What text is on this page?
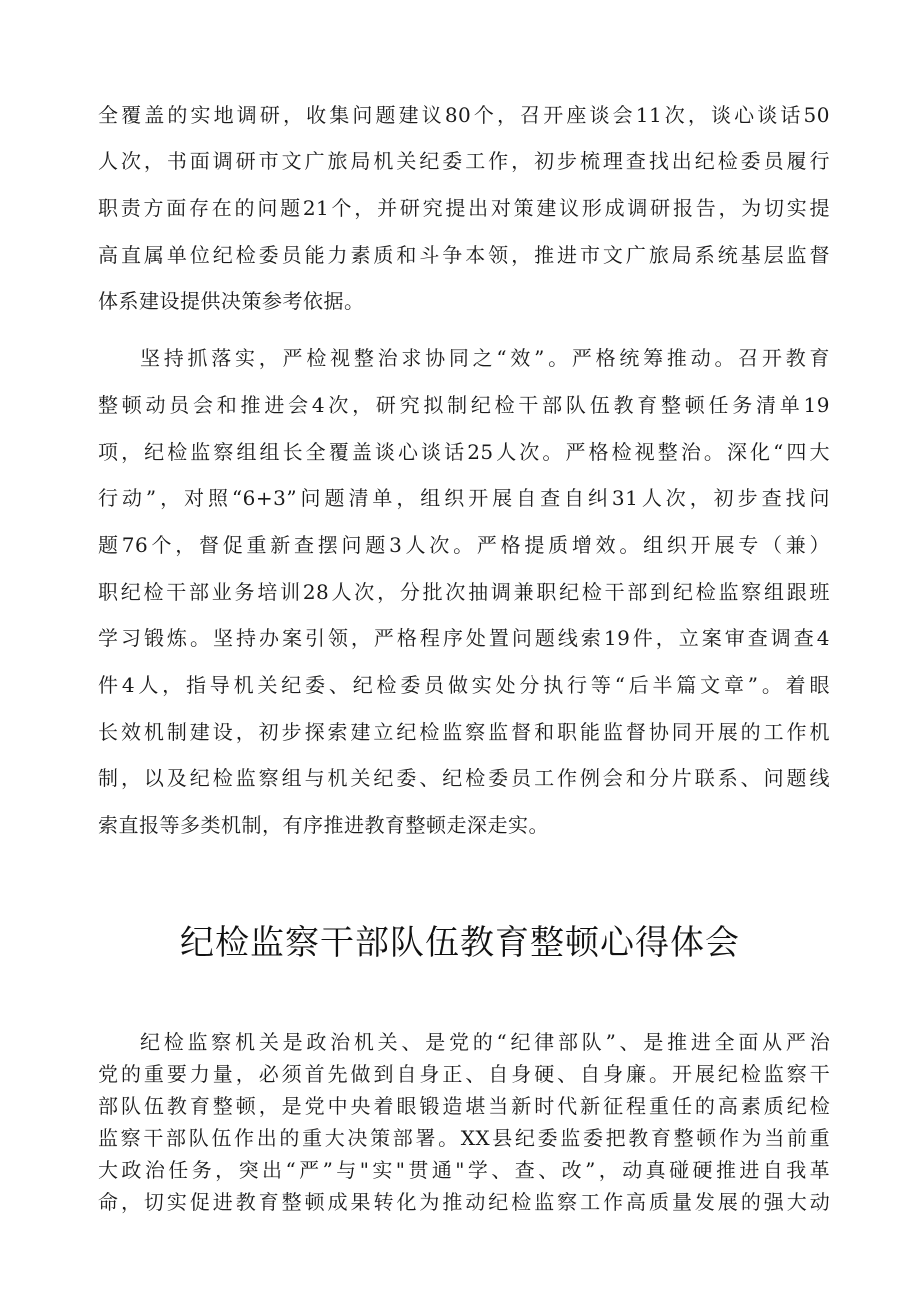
全覆盖的实地调研，收集问题建议80个，召开座谈会11次，谈心谈话50
人次，书面调研市文广旅局机关纪委工作，初步梳理查找出纪检委员履行
职责方面存在的问题21个，并研究提出对策建议形成调研报告，为切实提
高直属单位纪检委员能力素质和斗争本领，推进市文广旅局系统基层监督
体系建设提供决策参考依据。
坚持抓落实，严检视整治求协同之“效”。严格统筹推动。召开教育
整顿动员会和推进会4次，研究拟制纪检干部队伍教育整顿任务清单19
项，纪检监察组组长全覆盖谈心谈话25人次。严格检视整治。深化“四大
行动”，对照“6+3”问题清单，组织开展自查自纠31人次，初步查找问
题76个，督促重新查摆问题3人次。严格提质增效。组织开展专（兼）
职纪检干部业务培训28人次，分批次抽调兼职纪检干部到纪检监察组跟班
学习锻炼。坚持办案引领，严格程序处置问题线索19件，立案审查调查4
件4人，指导机关纪委、纪检委员做实处分执行等“后半篇文章”。着眼
长效机制建设，初步探索建立纪检监察监督和职能监督协同开展的工作机
制，以及纪检监察组与机关纪委、纪检委员工作例会和分片联系、问题线
索直报等多类机制，有序推进教育整顿走深走实。
纪检监察干部队伍教育整顿心得体会
纪检监察机关是政治机关、是党的“纪律部队”、是推进全面从严治
党的重要力量，必须首先做到自身正、自身硬、自身廉。开展纪检监察干
部队伍教育整顿，是党中央着眼锻造堪当新时代新征程重任的高素质纪检
监察干部队伍作出的重大决策部署。XX县纪委监委把教育整顿作为当前重
大政治任务，突出“严”与"实"贯通"学、查、改”，动真碰硬推进自我革
命，切实促进教育整顿成果转化为推动纪检监察工作高质量发展的强大动
